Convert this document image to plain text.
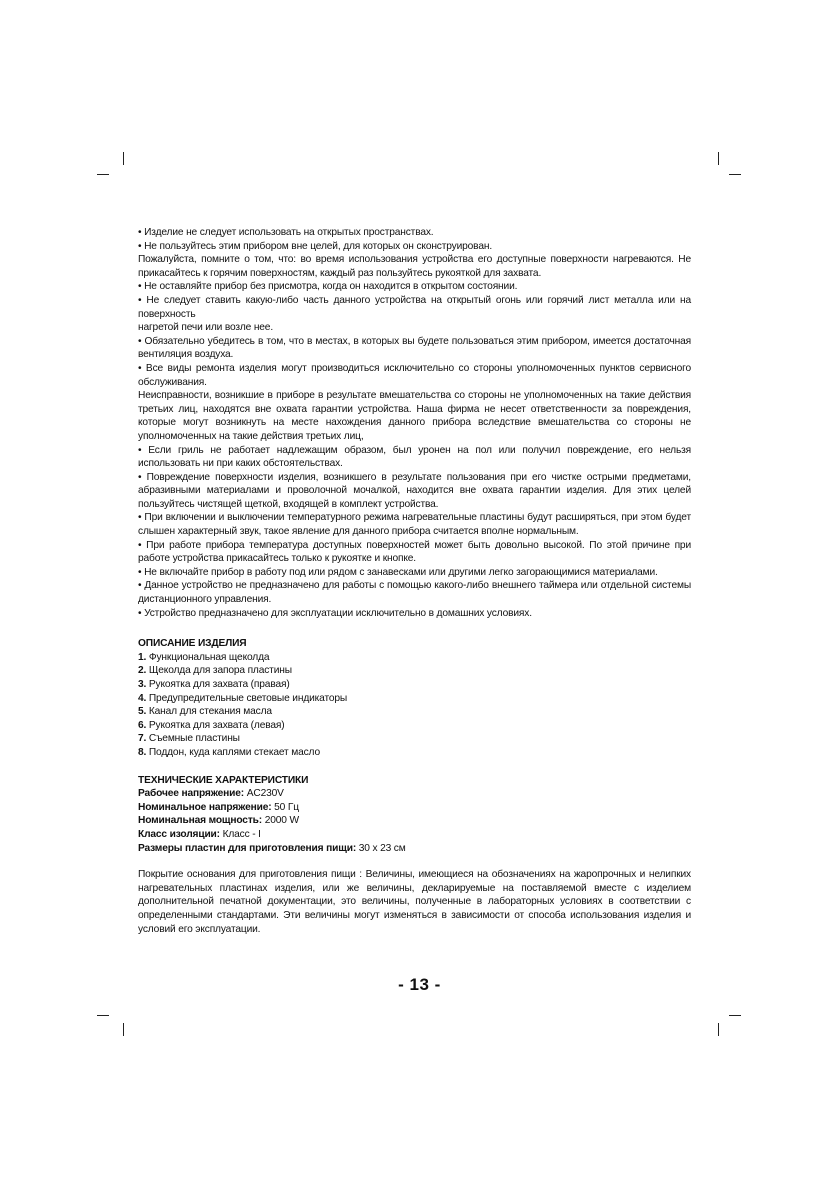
• Изделие не следует использовать на открытых пространствах.

• Не пользуйтесь этим прибором вне целей, для которых он сконструирован.

Пожалуйста, помните о том, что: во время использования устройства его доступные поверхности нагреваются. Не прикасайтесь к горячим поверхностям, каждый раз пользуйтесь рукояткой для захвата.

• Не оставляйте прибор без присмотра, когда он находится в открытом состоянии.

• Не следует ставить какую-либо часть данного устройства на открытый огонь или горячий лист металла или на поверхность

нагретой печи или возле нее.

• Обязательно убедитесь в том, что в местах, в которых вы будете пользоваться этим прибором, имеется достаточная вентиляция воздуха.

• Все виды ремонта изделия могут производиться исключительно со стороны уполномоченных пунктов сервисного обслуживания.

Неисправности, возникшие в приборе в результате вмешательства со стороны не уполномоченных на такие действия третьих лиц, находятся вне охвата гарантии устройства. Наша фирма не несет ответственности за повреждения, которые могут возникнуть на месте нахождения данного прибора вследствие вмешательства со стороны не уполномоченных на такие действия третьих лиц,

• Если гриль не работает надлежащим образом, был уронен на пол или получил повреждение, его нельзя использовать ни при каких обстоятельствах.

• Повреждение поверхности изделия, возникшего в результате пользования при его чистке острыми предметами, абразивными материалами и проволочной мочалкой, находится вне охвата гарантии изделия. Для этих целей пользуйтесь чистящей щеткой, входящей в комплект устройства.

• При включении и выключении температурного режима нагревательные пластины будут расширяться, при этом будет слышен характерный звук, такое явление для данного прибора считается вполне нормальным.

• При работе прибора температура доступных поверхностей может быть довольно высокой. По этой причине при работе устройства прикасайтесь только к рукоятке и кнопке.

• Не включайте прибор в работу под или рядом с занавесками или другими легко загорающимися материалами.

• Данное устройство не предназначено для работы с помощью какого-либо внешнего таймера или отдельной системы дистанционного управления.

• Устройство предназначено для эксплуатации исключительно в домашних условиях.

ОПИСАНИЕ ИЗДЕЛИЯ

1. Функциональная щеколда

2. Щеколда для запора пластины

3. Рукоятка для захвата (правая)

4. Предупредительные световые индикаторы

5. Канал для стекания масла

6. Рукоятка для захвата (левая)

7. Съемные пластины

8. Поддон, куда каплями стекает масло

ТЕХНИЧЕСКИЕ ХАРАКТЕРИСТИКИ

Рабочее напряжение: AC230V

Номинальное напряжение: 50 Гц

Номинальная мощность: 2000 W

Класс изоляции: Класс - I

Размеры пластин для приготовления пищи: 30 x 23 см

Покрытие основания для приготовления пищи : Величины, имеющиеся на обозначениях на жаропрочных и нелипких нагревательных пластинах изделия, или же величины, декларируемые на поставляемой вместе с изделием дополнительной печатной документации, это величины, полученные в лабораторных условиях в соответствии с определенными стандартами. Эти величины могут изменяться в зависимости от способа использования изделия и условий его эксплуатации.

- 13 -
